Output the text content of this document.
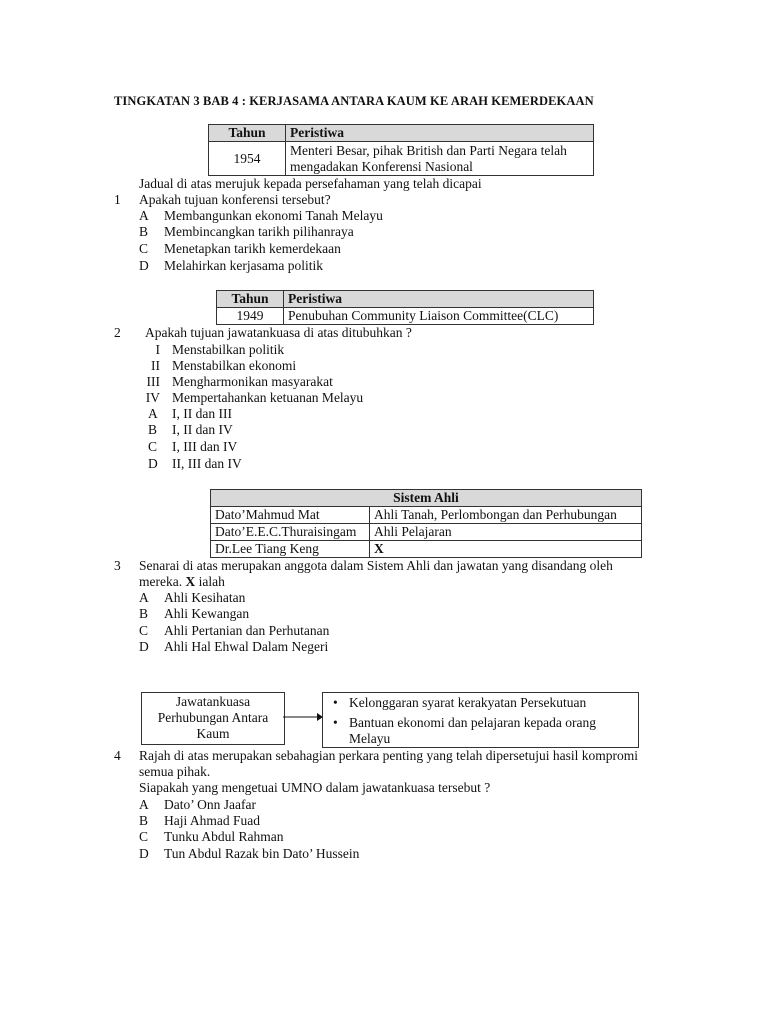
TINGKATAN 3 BAB 4 : KERJASAMA ANTARA KAUM KE ARAH KEMERDEKAAN
Tahun	Peristiwa
1954	Menteri Besar, pihak British dan Parti Negara telah
mengadakan Konferensi Nasional
Jadual di atas merujuk kepada persefahaman yang telah dicapai
1 Apakah tujuan konferensi tersebut?
A Membangunkan ekonomi Tanah Melayu
B Membincangkan tarikh pilihanraya
C Menetapkan tarikh kemerdekaan
D Melahirkan kerjasama politik
Tahun	Peristiwa
1949	Penubuhan Community Liaison Committee(CLC)
2 Apakah tujuan jawatankuasa di atas ditubuhkan ?
I Menstabilkan politik
II Menstabilkan ekonomi
III Mengharmonikan masyarakat
IV Mempertahankan ketuanan Melayu
A I, II dan III
B I, II dan IV
C I, III dan IV
D II, III dan IV
Sistem Ahli	
Dato’Mahmud Mat	Ahli Tanah, Perlombongan dan Perhubungan
Dato’E.E.C.Thuraisingam	Ahli Pelajaran
Dr.Lee Tiang Keng	X
3 Senarai di atas merupakan anggota dalam Sistem Ahli dan jawatan yang disandang oleh
mereka. X ialah
A Ahli Kesihatan
B Ahli Kewangan
C Ahli Pertanian dan Perhutanan
D Ahli Hal Ehwal Dalam Negeri
Jawatankuasa
Perhubungan Antara
Kaum
• Kelonggaran syarat kerakyatan Persekutuan
• Bantuan ekonomi dan pelajaran kepada orang
Melayu
4 Rajah di atas merupakan sebahagian perkara penting yang telah dipersetujui hasil kompromi
semua pihak.
Siapakah yang mengetuai UMNO dalam jawatankuasa tersebut ?
A Dato’ Onn Jaafar
B Haji Ahmad Fuad
C Tunku Abdul Rahman
D Tun Abdul Razak bin Dato’ Hussein
